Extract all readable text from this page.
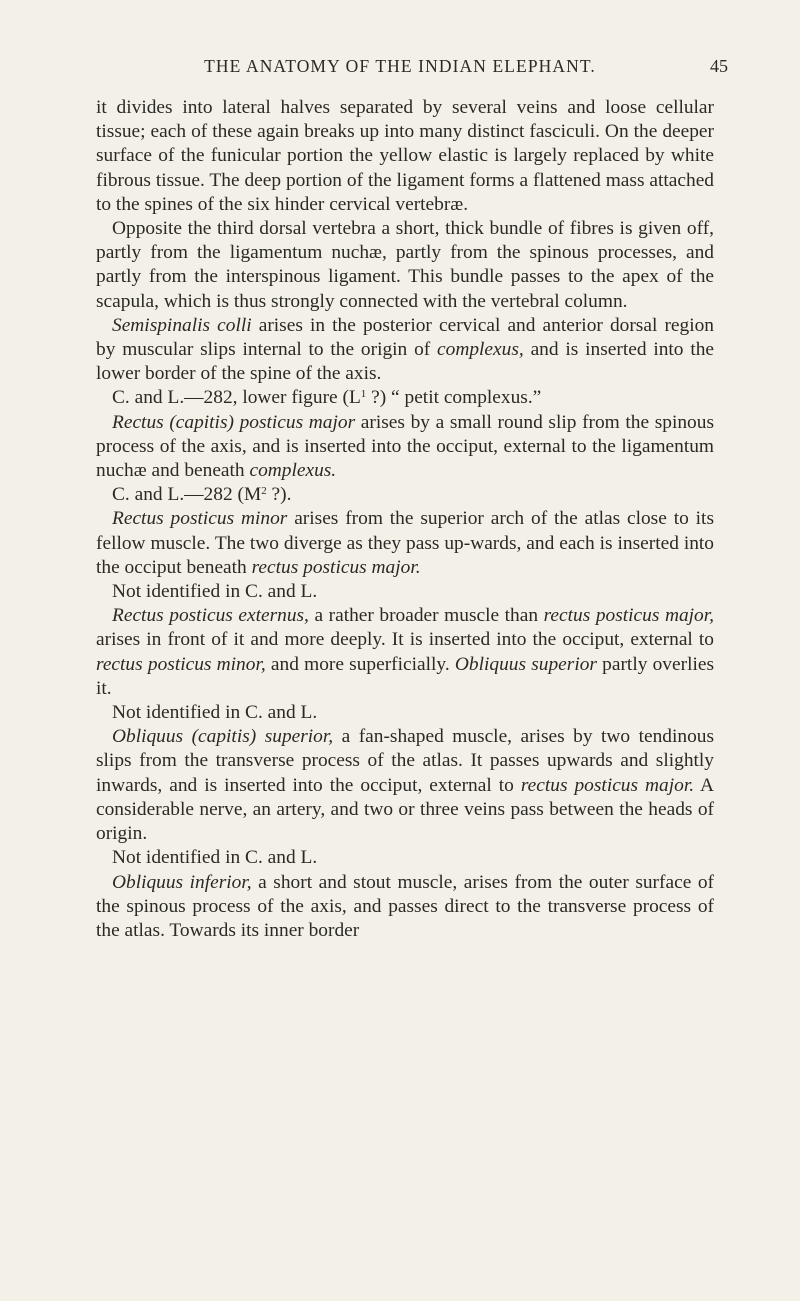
THE ANATOMY OF THE INDIAN ELEPHANT.	45

it divides into lateral halves separated by several veins and loose cellular tissue; each of these again breaks up into many distinct fasciculi. On the deeper surface of the funicular portion the yellow elastic is largely replaced by white fibrous tissue. The deep portion of the ligament forms a flattened mass attached to the spines of the six hinder cervical vertebræ.

Opposite the third dorsal vertebra a short, thick bundle of fibres is given off, partly from the ligamentum nuchæ, partly from the spinous processes, and partly from the interspinous ligament. This bundle passes to the apex of the scapula, which is thus strongly connected with the vertebral column.

Semispinalis colli arises in the posterior cervical and anterior dorsal region by muscular slips internal to the origin of complexus, and is inserted into the lower border of the spine of the axis.

C. and L.—282, lower figure ($L^1$ ?) “ petit complexus.”

Rectus (capitis) posticus major arises by a small round slip from the spinous process of the axis, and is inserted into the occiput, external to the ligamentum nuchæ and beneath complexus.

C. and L.—282 ($M^2$ ?).

Rectus posticus minor arises from the superior arch of the atlas close to its fellow muscle. The two diverge as they pass up-wards, and each is inserted into the occiput beneath rectus posticus major.

Not identified in C. and L.

Rectus posticus externus, a rather broader muscle than rectus posticus major, arises in front of it and more deeply. It is inserted into the occiput, external to rectus posticus minor, and more superficially. Obliquus superior partly overlies it.

Not identified in C. and L.

Obliquus (capitis) superior, a fan-shaped muscle, arises by two tendinous slips from the transverse process of the atlas. It passes upwards and slightly inwards, and is inserted into the occiput, external to rectus posticus major. A considerable nerve, an artery, and two or three veins pass between the heads of origin.

Not identified in C. and L.

Obliquus inferior, a short and stout muscle, arises from the outer surface of the spinous process of the axis, and passes direct to the transverse process of the atlas. Towards its inner border
